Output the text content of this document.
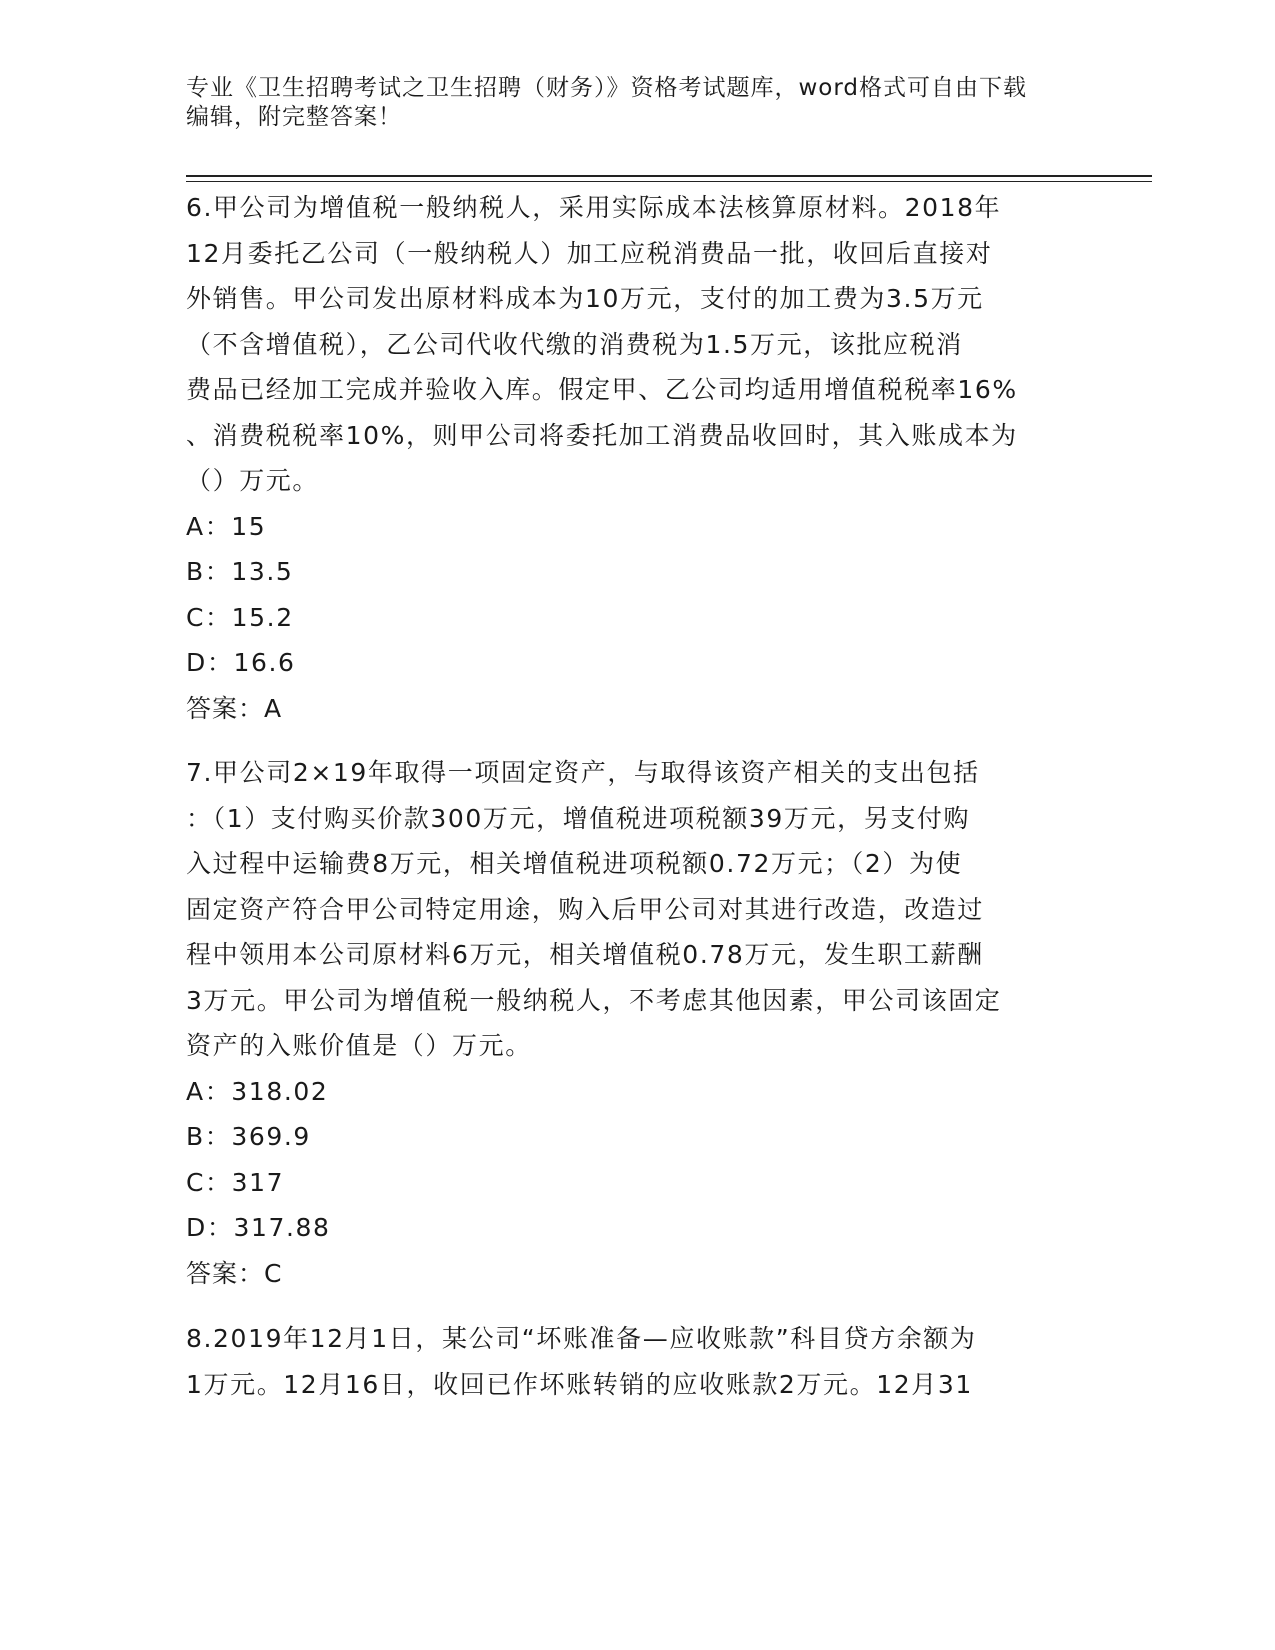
专业《卫生招聘考试之卫生招聘（财务）》资格考试题库，word格式可自由下载
编辑，附完整答案！

6.甲公司为增值税一般纳税人，采用实际成本法核算原材料。2018年

12月委托乙公司（一般纳税人）加工应税消费品一批，收回后直接对

外销售。甲公司发出原材料成本为10万元，支付的加工费为3.5万元

（不含增值税），乙公司代收代缴的消费税为1.5万元，该批应税消

费品已经加工完成并验收入库。假定甲、乙公司均适用增值税税率16%

、消费税税率10%，则甲公司将委托加工消费品收回时，其入账成本为

（）万元。

A：15
B：13.5
C：15.2
D：16.6
答案：A

7.甲公司2×19年取得一项固定资产，与取得该资产相关的支出包括

：（1）支付购买价款300万元，增值税进项税额39万元，另支付购

入过程中运输费8万元，相关增值税进项税额0.72万元；（2）为使

固定资产符合甲公司特定用途，购入后甲公司对其进行改造，改造过

程中领用本公司原材料6万元，相关增值税0.78万元，发生职工薪酬

3万元。甲公司为增值税一般纳税人，不考虑其他因素，甲公司该固定

资产的入账价值是（）万元。

A：318.02
B：369.9
C：317
D：317.88
答案：C

8.2019年12月1日，某公司“坏账准备—应收账款”科目贷方余额为

1万元。12月16日，收回已作坏账转销的应收账款2万元。12月31
